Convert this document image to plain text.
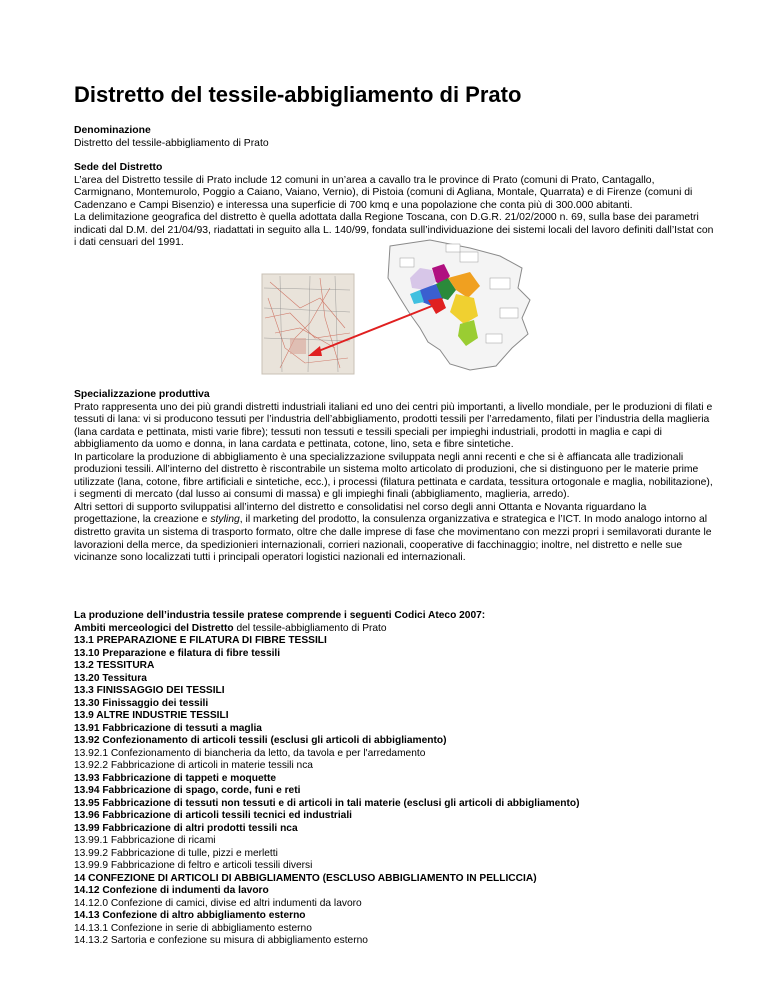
Distretto del tessile-abbigliamento di Prato
Denominazione
Distretto del tessile-abbigliamento di Prato
Sede del Distretto

L’area del Distretto tessile di Prato include 12 comuni in un’area a cavallo tra le province di Prato (comuni di Prato, Cantagallo, Carmignano, Montemurolo, Poggio a Caiano, Vaiano, Vernio), di Pistoia (comuni di Agliana, Montale, Quarrata) e di Firenze (comuni di Cadenzano e Campi Bisenzio) e interessa una superficie di 700 kmq e una popolazione che conta più di 300.000 abitanti.

La delimitazione geografica del distretto è quella adottata dalla Regione Toscana, con D.G.R. 21/02/2000 n. 69, sulla base dei parametri indicati dal D.M. del 21/04/93, riadattati in seguito alla L. 140/99, fondata sull’individuazione dei sistemi locali del lavoro definiti dall’Istat con i dati censuari del 1991.

Specializzazione produttiva

Prato rappresenta uno dei più grandi distretti industriali italiani ed uno dei centri più importanti, a livello mondiale, per le produzioni di filati e tessuti di lana: vi si producono tessuti per l’industria dell’abbigliamento, prodotti tessili per l’arredamento, filati per l’industria della maglieria (lana cardata e pettinata, misti varie fibre); tessuti non tessuti e tessili speciali per impieghi industriali, prodotti in maglia e capi di abbigliamento da uomo e donna, in lana cardata e pettinata, cotone, lino, seta e fibre sintetiche.

In particolare la produzione di abbigliamento è una specializzazione sviluppata negli anni recenti e che si è affiancata alle tradizionali produzioni tessili. All’interno del distretto è riscontrabile un sistema molto articolato di produzioni, che si distinguono per le materie prime utilizzate (lana, cotone, fibre artificiali e sintetiche, ecc.), i processi (filatura pettinata e cardata, tessitura ortogonale e maglia, nobilitazione), i segmenti di mercato (dal lusso ai consumi di massa) e gli impieghi finali (abbigliamento, maglieria, arredo).

Altri settori di supporto sviluppatisi all’interno del distretto e consolidatisi nel corso degli anni Ottanta e Novanta riguardano la progettazione, la creazione e styling, il marketing del prodotto, la consulenza organizzativa e strategica e l’ICT. In modo analogo intorno al distretto gravita un sistema di trasporto formato, oltre che dalle imprese di fase che movimentano con mezzi propri i semilavorati durante le lavorazioni della merce, da spedizionieri internazionali, corrieri nazionali, cooperative di facchinaggio; inoltre, nel distretto e nelle sue vicinanze sono localizzati tutti i principali operatori logistici nazionali ed internazionali.

La produzione dell’industria tessile pratese comprende i seguenti Codici Ateco 2007:
Ambiti merceologici del Distretto del tessile-abbigliamento di Prato
13.1 PREPARAZIONE E FILATURA DI FIBRE TESSILI
13.10 Preparazione e filatura di fibre tessili
13.2 TESSITURA
13.20 Tessitura
13.3 FINISSAGGIO DEI TESSILI
13.30 Finissaggio dei tessili
13.9 ALTRE INDUSTRIE TESSILI
13.91 Fabbricazione di tessuti a maglia
13.92 Confezionamento di articoli tessili (esclusi gli articoli di abbigliamento)
13.92.1 Confezionamento di biancheria da letto, da tavola e per l'arredamento
13.92.2 Fabbricazione di articoli in materie tessili nca
13.93 Fabbricazione di tappeti e moquette
13.94 Fabbricazione di spago, corde, funi e reti
13.95 Fabbricazione di tessuti non tessuti e di articoli in tali materie (esclusi gli articoli di abbigliamento)
13.96 Fabbricazione di articoli tessili tecnici ed industriali
13.99 Fabbricazione di altri prodotti tessili nca
13.99.1 Fabbricazione di ricami
13.99.2 Fabbricazione di tulle, pizzi e merletti
13.99.9 Fabbricazione di feltro e articoli tessili diversi
14 CONFEZIONE DI ARTICOLI DI ABBIGLIAMENTO (ESCLUSO ABBIGLIAMENTO IN PELLICCIA)
14.12 Confezione di indumenti da lavoro
14.12.0 Confezione di camici, divise ed altri indumenti da lavoro
14.13 Confezione di altro abbigliamento esterno
14.13.1 Confezione in serie di abbigliamento esterno
14.13.2 Sartoria e confezione su misura di abbigliamento esterno
